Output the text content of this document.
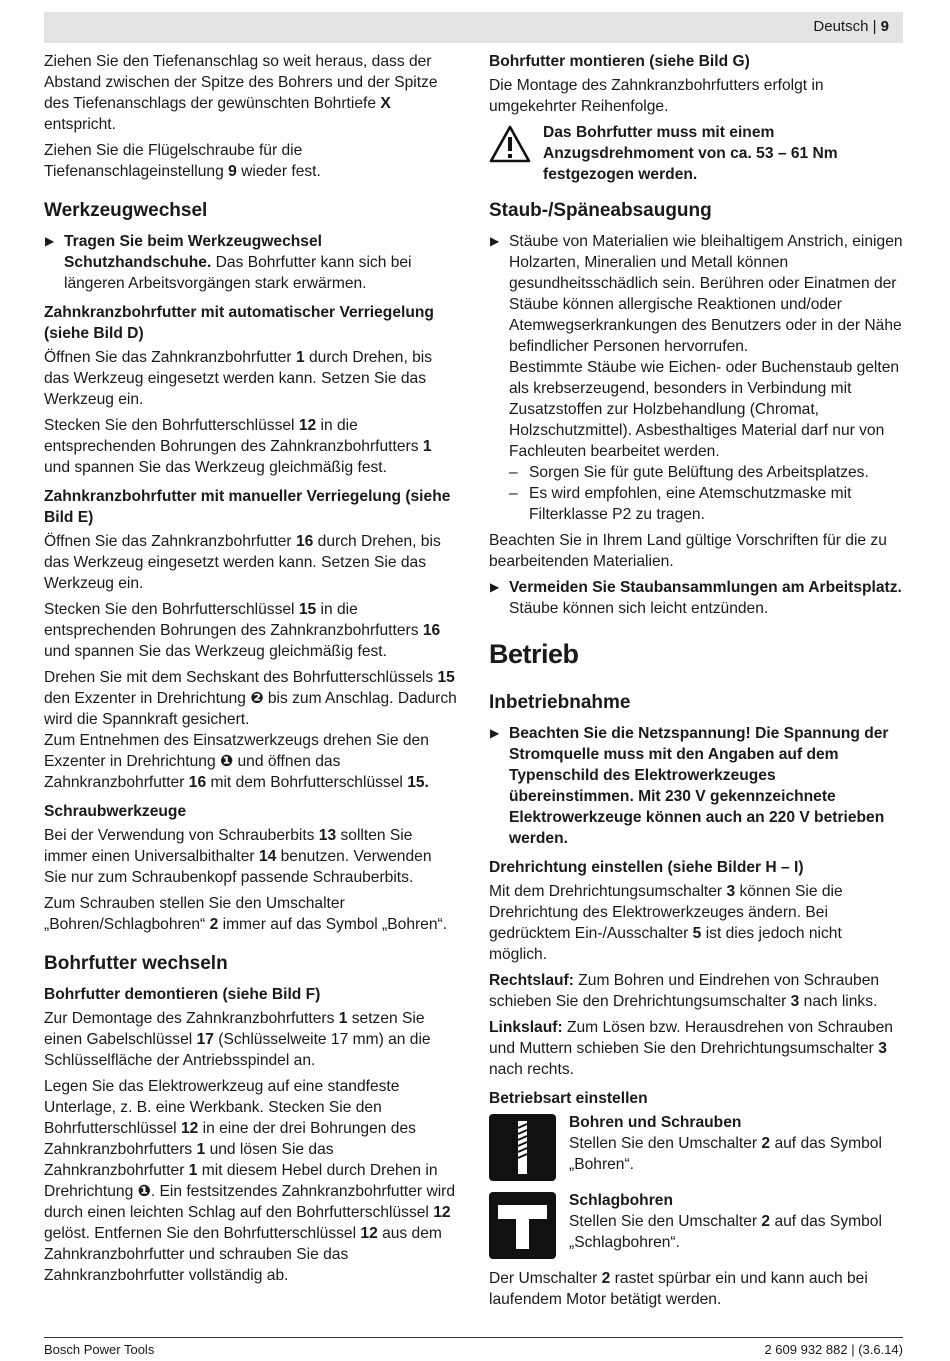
Deutsch | 9

Ziehen Sie den Tiefenanschlag so weit heraus, dass der Abstand zwischen der Spitze des Bohrers und der Spitze des Tiefenanschlags der gewünschten Bohrtiefe X entspricht.

Ziehen Sie die Flügelschraube für die Tiefenanschlageinstellung 9 wieder fest.

Werkzeugwechsel
▶ Tragen Sie beim Werkzeugwechsel Schutzhandschuhe. Das Bohrfutter kann sich bei längeren Arbeitsvorgängen stark erwärmen.
Zahnkranzbohrfutter mit automatischer Verriegelung (siehe Bild D)

Öffnen Sie das Zahnkranzbohrfutter 1 durch Drehen, bis das Werkzeug eingesetzt werden kann. Setzen Sie das Werkzeug ein.

Stecken Sie den Bohrfutterschlüssel 12 in die entsprechenden Bohrungen des Zahnkranzbohrfutters 1 und spannen Sie das Werkzeug gleichmäßig fest.

Zahnkranzbohrfutter mit manueller Verriegelung (siehe Bild E)

Öffnen Sie das Zahnkranzbohrfutter 16 durch Drehen, bis das Werkzeug eingesetzt werden kann. Setzen Sie das Werkzeug ein.

Stecken Sie den Bohrfutterschlüssel 15 in die entsprechenden Bohrungen des Zahnkranzbohrfutters 16 und spannen Sie das Werkzeug gleichmäßig fest.

Drehen Sie mit dem Sechskant des Bohrfutterschlüssels 15 den Exzenter in Drehrichtung ❷ bis zum Anschlag. Dadurch wird die Spannkraft gesichert.

Zum Entnehmen des Einsatzwerkzeugs drehen Sie den Exzenter in Drehrichtung ❶ und öffnen das Zahnkranzbohrfutter 16 mit dem Bohrfutterschlüssel 15.

Schraubwerkzeuge

Bei der Verwendung von Schrauberbits 13 sollten Sie immer einen Universalbithalter 14 benutzen. Verwenden Sie nur zum Schraubenkopf passende Schrauberbits.

Zum Schrauben stellen Sie den Umschalter „Bohren/Schlagbohren“ 2 immer auf das Symbol „Bohren“.

Bohrfutter wechseln
Bohrfutter demontieren (siehe Bild F)

Zur Demontage des Zahnkranzbohrfutters 1 setzen Sie einen Gabelschlüssel 17 (Schlüsselweite 17 mm) an die Schlüsselfläche der Antriebsspindel an.

Legen Sie das Elektrowerkzeug auf eine standfeste Unterlage, z. B. eine Werkbank. Stecken Sie den Bohrfutterschlüssel 12 in eine der drei Bohrungen des Zahnkranzbohrfutters 1 und lösen Sie das Zahnkranzbohrfutter 1 mit diesem Hebel durch Drehen in Drehrichtung ❶. Ein festsitzendes Zahnkranzbohrfutter wird durch einen leichten Schlag auf den Bohrfutterschlüssel 12 gelöst. Entfernen Sie den Bohrfutterschlüssel 12 aus dem Zahnkranzbohrfutter und schrauben Sie das Zahnkranzbohrfutter vollständig ab.

Bohrfutter montieren (siehe Bild G)

Die Montage des Zahnkranzbohrfutters erfolgt in umgekehrter Reihenfolge.

Das Bohrfutter muss mit einem Anzugsdrehmoment von ca. 53 – 61 Nm festgezogen werden.
Staub-/Späneabsaugung
▶ Stäube von Materialien wie bleihaltigem Anstrich, einigen Holzarten, Mineralien und Metall können gesundheitsschädlich sein. Berühren oder Einatmen der Stäube können allergische Reaktionen und/oder Atemwegserkrankungen des Benutzers oder in der Nähe befindlicher Personen hervorrufen.
Bestimmte Stäube wie Eichen- oder Buchenstaub gelten als krebserzeugend, besonders in Verbindung mit Zusatzstoffen zur Holzbehandlung (Chromat, Holzschutzmittel). Asbesthaltiges Material darf nur von Fachleuten bearbeitet werden.
– Sorgen Sie für gute Belüftung des Arbeitsplatzes.
– Es wird empfohlen, eine Atemschutzmaske mit Filterklasse P2 zu tragen.

Beachten Sie in Ihrem Land gültige Vorschriften für die zu bearbeitenden Materialien.

▶ Vermeiden Sie Staubansammlungen am Arbeitsplatz.
Stäube können sich leicht entzünden.
Betrieb
Inbetriebnahme
▶ Beachten Sie die Netzspannung! Die Spannung der Stromquelle muss mit den Angaben auf dem Typenschild des Elektrowerkzeuges übereinstimmen. Mit 230 V gekennzeichnete Elektrowerkzeuge können auch an 220 V betrieben werden.
Drehrichtung einstellen (siehe Bilder H – I)

Mit dem Drehrichtungsumschalter 3 können Sie die Drehrichtung des Elektrowerkzeuges ändern. Bei gedrücktem Ein-/Ausschalter 5 ist dies jedoch nicht möglich.

Rechtslauf: Zum Bohren und Eindrehen von Schrauben schieben Sie den Drehrichtungsumschalter 3 nach links.

Linkslauf: Zum Lösen bzw. Herausdrehen von Schrauben und Muttern schieben Sie den Drehrichtungsumschalter 3 nach rechts.

Betriebsart einstellen
Bohren und Schrauben
Stellen Sie den Umschalter 2 auf das Symbol „Bohren“.
Schlagbohren
Stellen Sie den Umschalter 2 auf das Symbol „Schlagbohren“.

Der Umschalter 2 rastet spürbar ein und kann auch bei laufendem Motor betätigt werden.

Bosch Power Tools	2 609 932 882 | (3.6.14)
